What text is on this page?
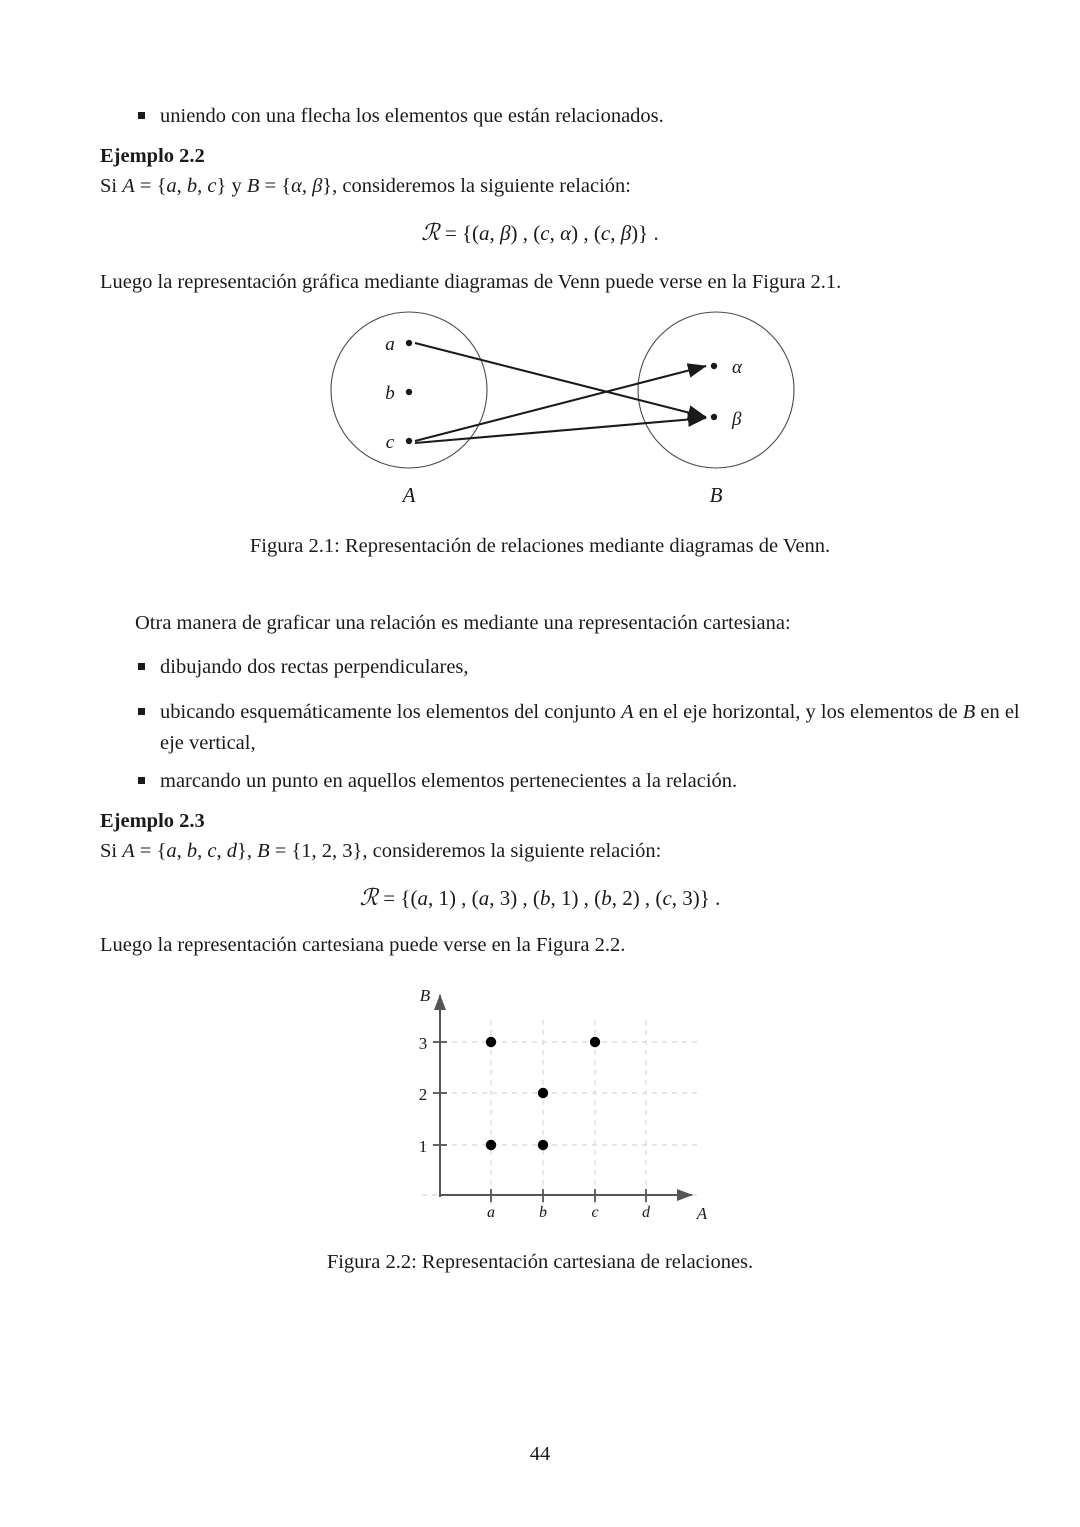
uniendo con una flecha los elementos que están relacionados.
Ejemplo 2.2
Si A = {a, b, c} y B = {α, β}, consideremos la siguiente relación:
ℛ = {(a, β) , (c, α) , (c, β)} .
Luego la representación gráfica mediante diagramas de Venn puede verse en la Figura 2.1.
a
b
c
α
β
A	B
Figura 2.1: Representación de relaciones mediante diagramas de Venn.
Otra manera de graficar una relación es mediante una representación cartesiana:
dibujando dos rectas perpendiculares,
ubicando esquemáticamente los elementos del conjunto A en el eje horizontal, y los elementos de B en el eje vertical,
marcando un punto en aquellos elementos pertenecientes a la relación.
Ejemplo 2.3
Si A = {a, b, c, d}, B = {1, 2, 3}, consideremos la siguiente relación:
ℛ = {(a, 1) , (a, 3) , (b, 1) , (b, 2) , (c, 3)} .
Luego la representación cartesiana puede verse en la Figura 2.2.
3
2
1
a	b	c	d
B
A
Figura 2.2: Representación cartesiana de relaciones.
44
